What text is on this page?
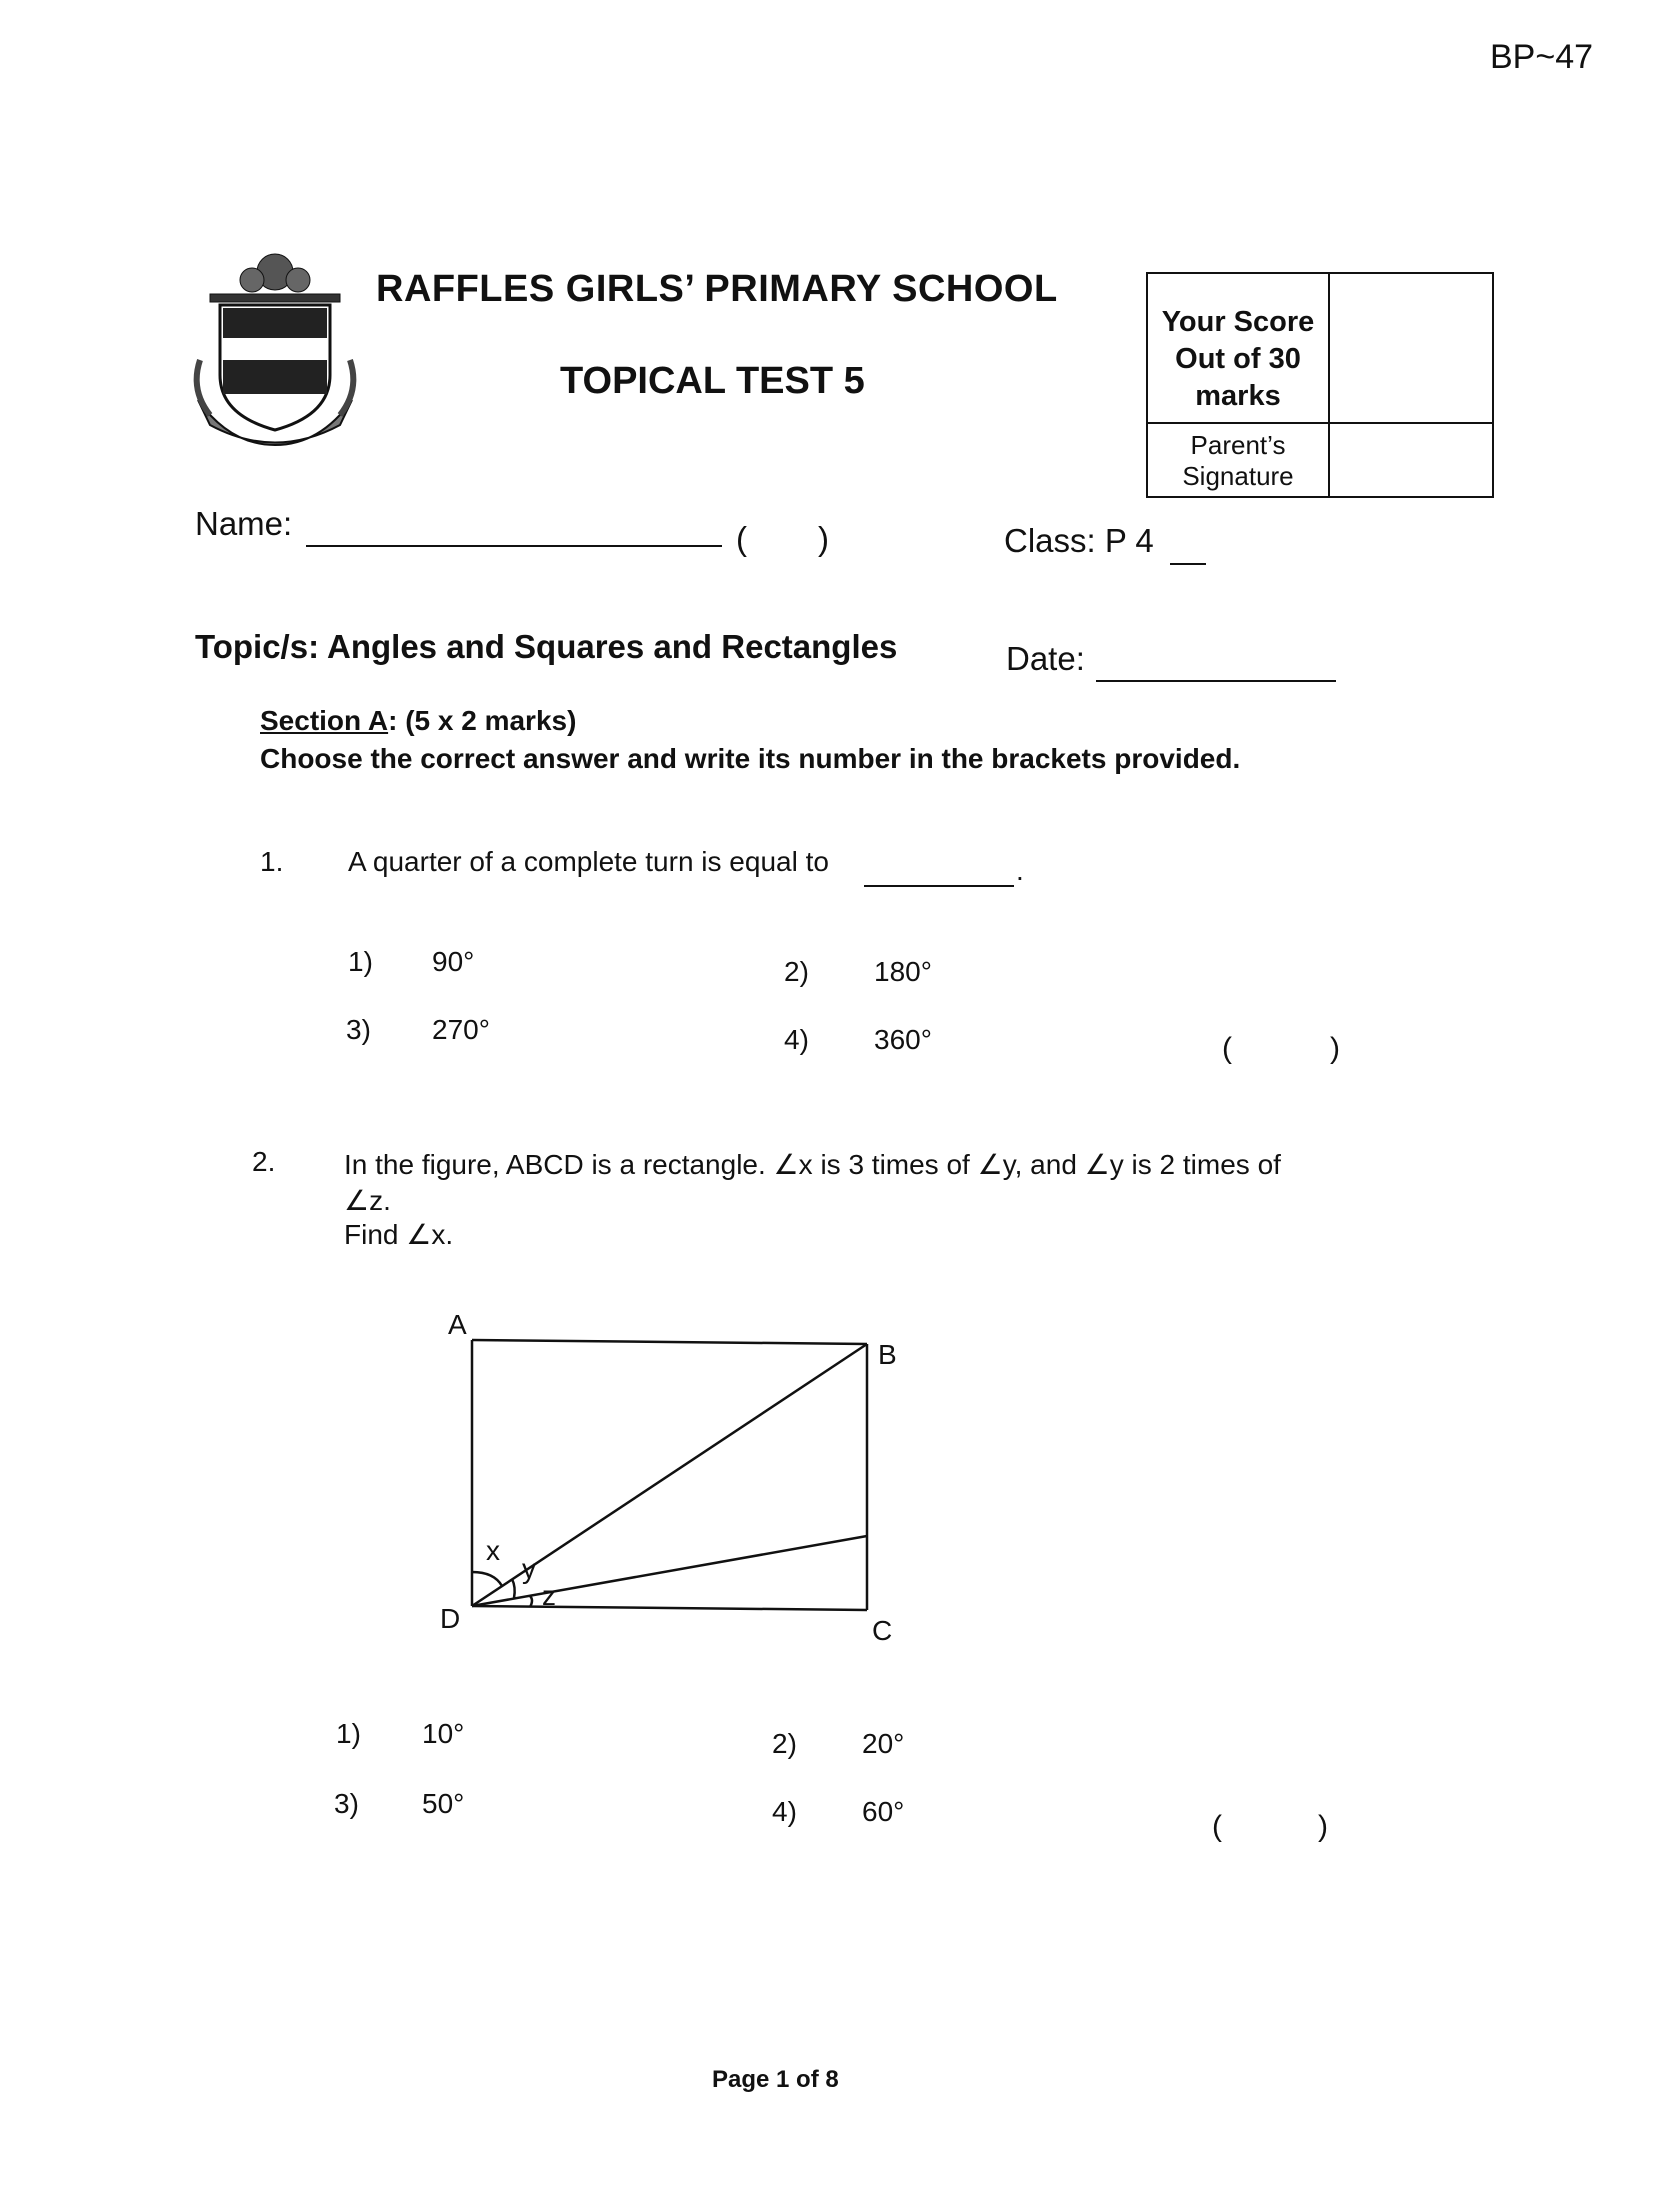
BP~47
RAFFLES GIRLS’ PRIMARY SCHOOL
TOPICAL TEST 5
Your Score Out of 30 marks
Parent’s Signature
Name:	( )	Class: P 4
Topic/s: Angles and Squares and Rectangles	Date:
Section A: (5 x 2 marks)
Choose the correct answer and write its number in the brackets provided.
1. A quarter of a complete turn is equal to	.
1) 90°	2) 180°
3) 270°	4) 360°	(	)
2. In the figure, ABCD is a rectangle. ∠x is 3 times of ∠y, and ∠y is 2 times of
∠z.
Find ∠x.
A
B
C
D
x
y
z
1) 10°	2) 20°
3) 50°	4) 60°	(	)
Page 1 of 8
